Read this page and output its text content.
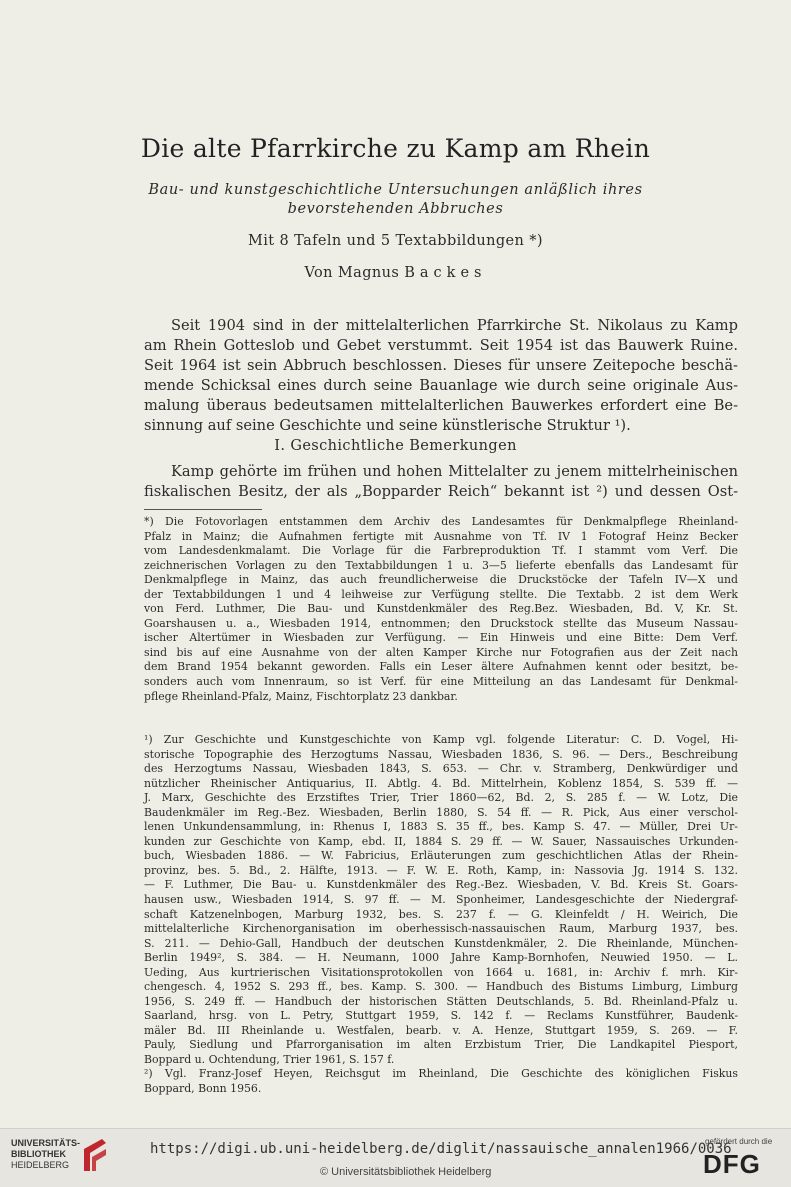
Die alte Pfarrkirche zu Kamp am Rhein
Bau- und kunstgeschichtliche Untersuchungen anläßlich ihres
bevorstehenden Abbruches
Mit 8 Tafeln und 5 Textabbildungen *)
Von Magnus Backes
Seit 1904 sind in der mittelalterlichen Pfarrkirche St. Nikolaus zu Kamp
am Rhein Gotteslob und Gebet verstummt. Seit 1954 ist das Bauwerk Ruine.
Seit 1964 ist sein Abbruch beschlossen. Dieses für unsere Zeitepoche beschä-
mende Schicksal eines durch seine Bauanlage wie durch seine originale Aus-
malung überaus bedeutsamen mittelalterlichen Bauwerkes erfordert eine Be-
sinnung auf seine Geschichte und seine künstlerische Struktur ¹).
I. Geschichtliche Bemerkungen
Kamp gehörte im frühen und hohen Mittelalter zu jenem mittelrheinischen
fiskalischen Besitz, der als „Bopparder Reich“ bekannt ist ²) und dessen Ost-
*) Die Fotovorlagen entstammen dem Archiv des Landesamtes für Denkmalpflege Rheinland-
Pfalz in Mainz; die Aufnahmen fertigte mit Ausnahme von Tf. IV 1 Fotograf Heinz Becker
vom Landesdenkmalamt. Die Vorlage für die Farbreproduktion Tf. I stammt vom Verf. Die
zeichnerischen Vorlagen zu den Textabbildungen 1 u. 3—5 lieferte ebenfalls das Landesamt für
Denkmalpflege in Mainz, das auch freundlicherweise die Druckstöcke der Tafeln IV—X und
der Textabbildungen 1 und 4 leihweise zur Verfügung stellte. Die Textabb. 2 ist dem Werk
von Ferd. Luthmer, Die Bau- und Kunstdenkmäler des Reg.Bez. Wiesbaden, Bd. V, Kr. St.
Goarshausen u. a., Wiesbaden 1914, entnommen; den Druckstock stellte das Museum Nassau-
ischer Altertümer in Wiesbaden zur Verfügung. — Ein Hinweis und eine Bitte: Dem Verf.
sind bis auf eine Ausnahme von der alten Kamper Kirche nur Fotografien aus der Zeit nach
dem Brand 1954 bekannt geworden. Falls ein Leser ältere Aufnahmen kennt oder besitzt, be-
sonders auch vom Innenraum, so ist Verf. für eine Mitteilung an das Landesamt für Denkmal-
pflege Rheinland-Pfalz, Mainz, Fischtorplatz 23 dankbar.
¹) Zur Geschichte und Kunstgeschichte von Kamp vgl. folgende Literatur: C. D. Vogel, Hi-
storische Topographie des Herzogtums Nassau, Wiesbaden 1836, S. 96. — Ders., Beschreibung
des Herzogtums Nassau, Wiesbaden 1843, S. 653. — Chr. v. Stramberg, Denkwürdiger und
nützlicher Rheinischer Antiquarius, II. Abtlg. 4. Bd. Mittelrhein, Koblenz 1854, S. 539 ff. —
J. Marx, Geschichte des Erzstiftes Trier, Trier 1860—62, Bd. 2, S. 285 f. — W. Lotz, Die
Baudenkmäler im Reg.-Bez. Wiesbaden, Berlin 1880, S. 54 ff. — R. Pick, Aus einer verschol-
lenen Unkundensammlung, in: Rhenus I, 1883 S. 35 ff., bes. Kamp S. 47. — Müller, Drei Ur-
kunden zur Geschichte von Kamp, ebd. II, 1884 S. 29 ff. — W. Sauer, Nassauisches Urkunden-
buch, Wiesbaden 1886. — W. Fabricius, Erläuterungen zum geschichtlichen Atlas der Rhein-
provinz, bes. 5. Bd., 2. Hälfte, 1913. — F. W. E. Roth, Kamp, in: Nassovia Jg. 1914 S. 132.
— F. Luthmer, Die Bau- u. Kunstdenkmäler des Reg.-Bez. Wiesbaden, V. Bd. Kreis St. Goars-
hausen usw., Wiesbaden 1914, S. 97 ff. — M. Sponheimer, Landesgeschichte der Niedergraf-
schaft Katzenelnbogen, Marburg 1932, bes. S. 237 f. — G. Kleinfeldt / H. Weirich, Die
mittelalterliche Kirchenorganisation im oberhessisch-nassauischen Raum, Marburg 1937, bes.
S. 211. — Dehio-Gall, Handbuch der deutschen Kunstdenkmäler, 2. Die Rheinlande, München-
Berlin 1949², S. 384. — H. Neumann, 1000 Jahre Kamp-Bornhofen, Neuwied 1950. — L.
Ueding, Aus kurtrierischen Visitationsprotokollen von 1664 u. 1681, in: Archiv f. mrh. Kir-
chengesch. 4, 1952 S. 293 ff., bes. Kamp. S. 300. — Handbuch des Bistums Limburg, Limburg
1956, S. 249 ff. — Handbuch der historischen Stätten Deutschlands, 5. Bd. Rheinland-Pfalz u.
Saarland, hrsg. von L. Petry, Stuttgart 1959, S. 142 f. — Reclams Kunstführer, Baudenk-
mäler Bd. III Rheinlande u. Westfalen, bearb. v. A. Henze, Stuttgart 1959, S. 269. — F.
Pauly, Siedlung und Pfarrorganisation im alten Erzbistum Trier, Die Landkapitel Piesport,
Boppard u. Ochtendung, Trier 1961, S. 157 f.
²) Vgl. Franz-Josef Heyen, Reichsgut im Rheinland, Die Geschichte des königlichen Fiskus
Boppard, Bonn 1956.
UNIVERSITÄTS-
BIBLIOTHEK
HEIDELBERG
https://digi.ub.uni-heidelberg.de/diglit/nassauische_annalen1966/0036
© Universitätsbibliothek Heidelberg
gefördert durch die
DFG
